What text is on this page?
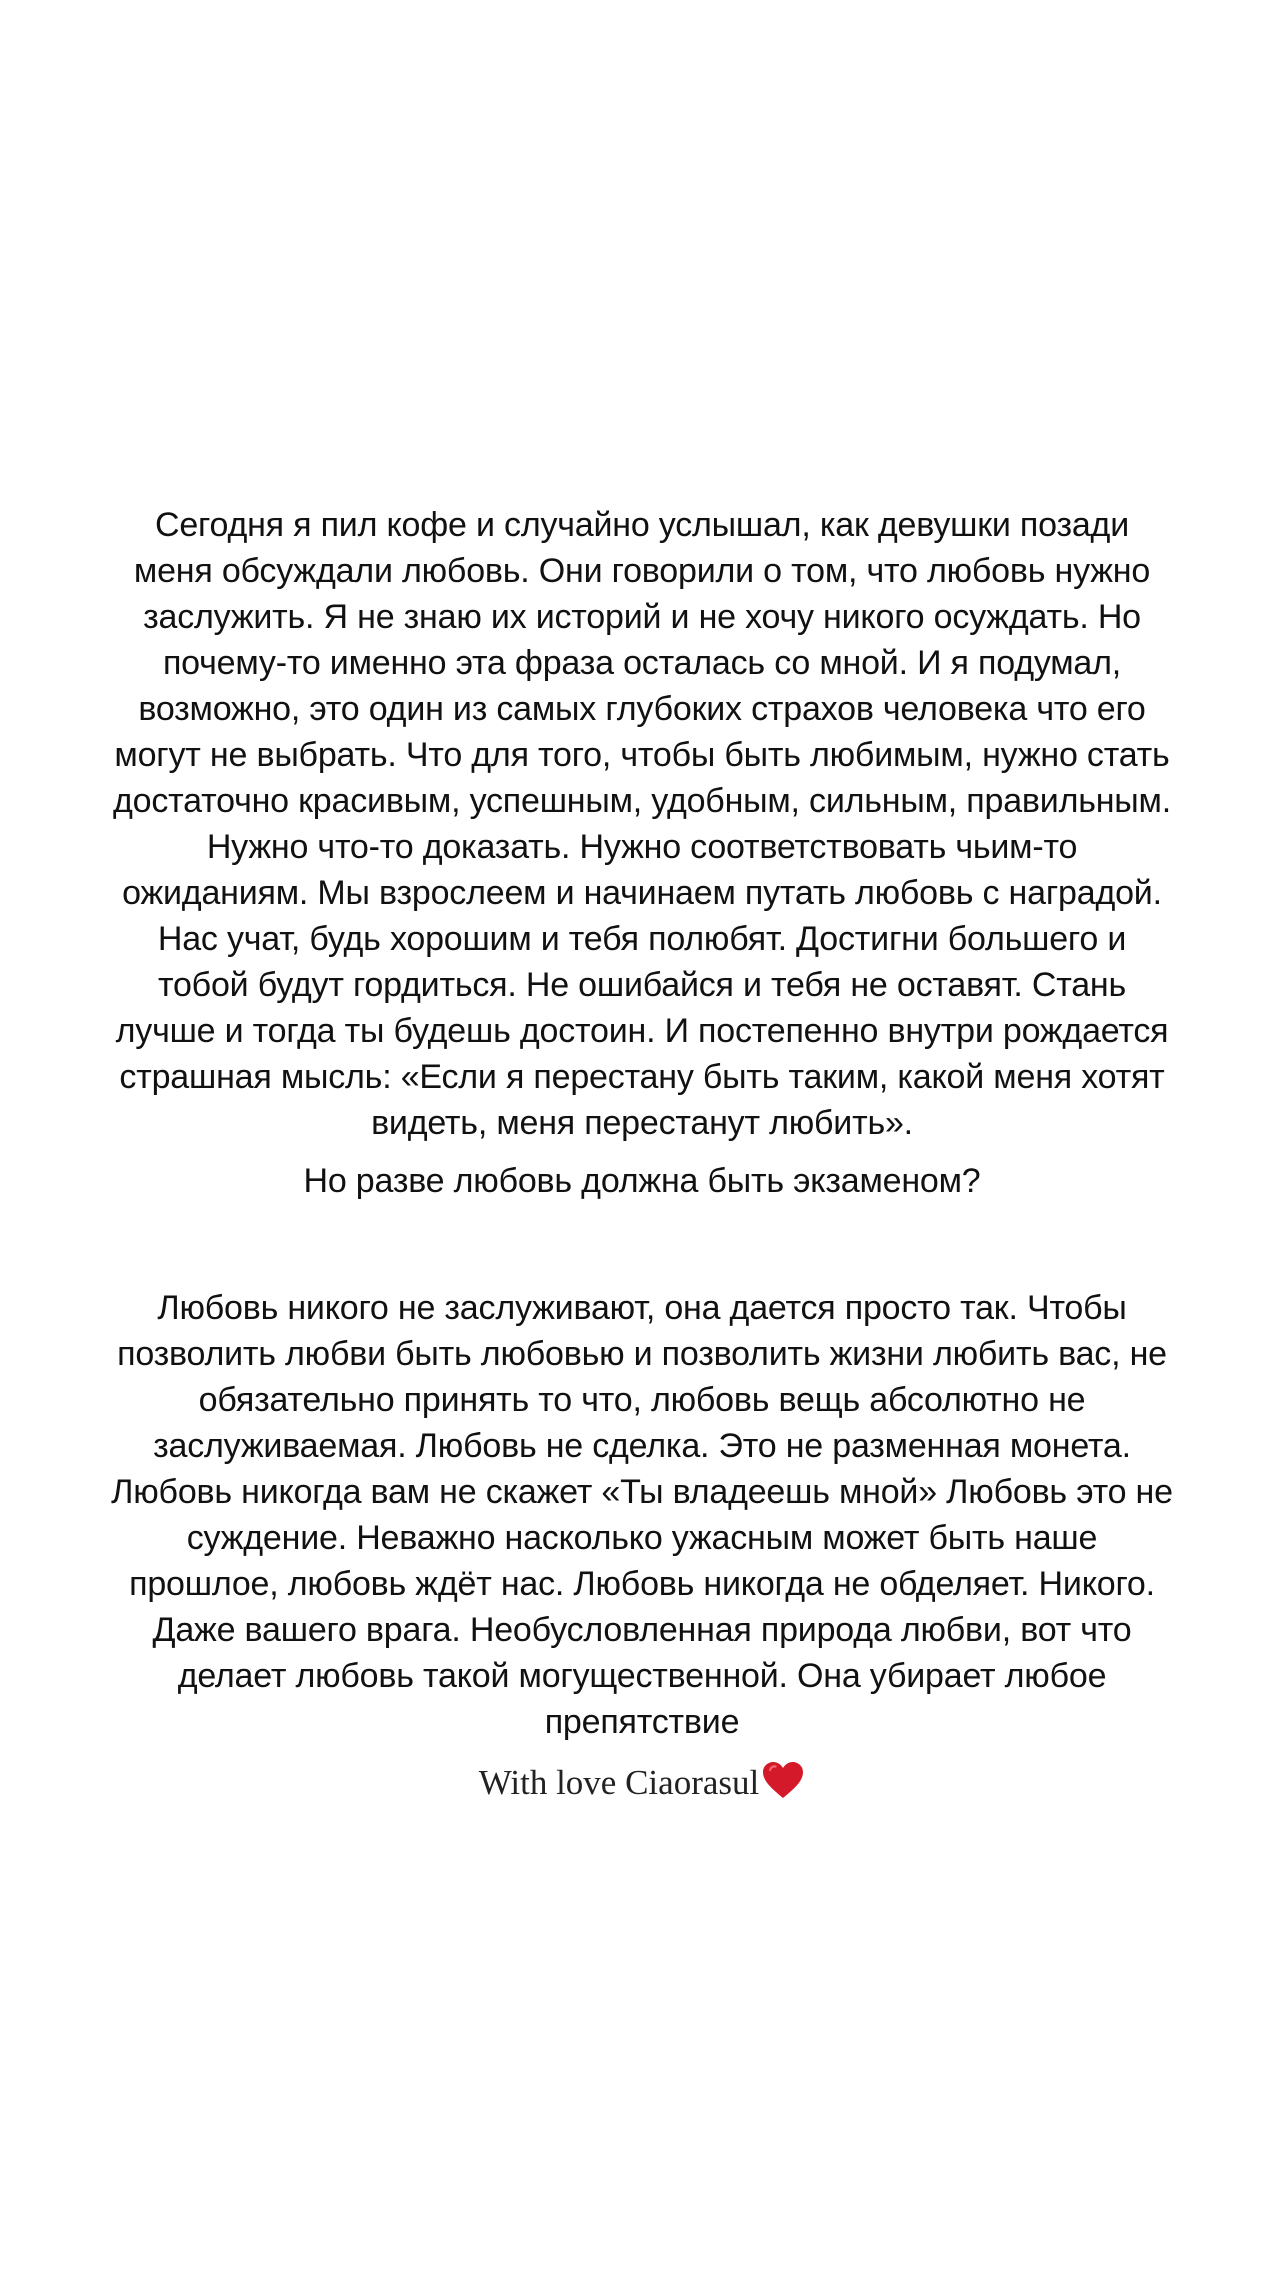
Сегодня я пил кофе и случайно услышал, как девушки позади
меня обсуждали любовь. Они говорили о том, что любовь нужно
заслужить. Я не знаю их историй и не хочу никого осуждать. Но
почему-то именно эта фраза осталась со мной. И я подумал,
возможно, это один из самых глубоких страхов человека что его
могут не выбрать. Что для того, чтобы быть любимым, нужно стать
достаточно красивым, успешным, удобным, сильным, правильным.
Нужно что-то доказать. Нужно соответствовать чьим-то
ожиданиям. Мы взрослеем и начинаем путать любовь с наградой.
Нас учат, будь хорошим и тебя полюбят. Достигни большего и
тобой будут гордиться. Не ошибайся и тебя не оставят. Стань
лучше и тогда ты будешь достоин. И постепенно внутри рождается
страшная мысль: «Если я перестану быть таким, какой меня хотят
видеть, меня перестанут любить».
Но разве любовь должна быть экзаменом?
Любовь никого не заслуживают, она дается просто так. Чтобы
позволить любви быть любовью и позволить жизни любить вас, не
обязательно принять то что, любовь вещь абсолютно не
заслуживаемая. Любовь не сделка. Это не разменная монета.
Любовь никогда вам не скажет «Ты владеешь мной» Любовь это не
суждение. Неважно насколько ужасным может быть наше
прошлое, любовь ждёт нас. Любовь никогда не обделяет. Никого.
Даже вашего врага. Необусловленная природа любви, вот что
делает любовь такой могущественной. Она убирает любое
препятствие
With love Ciaorasul
